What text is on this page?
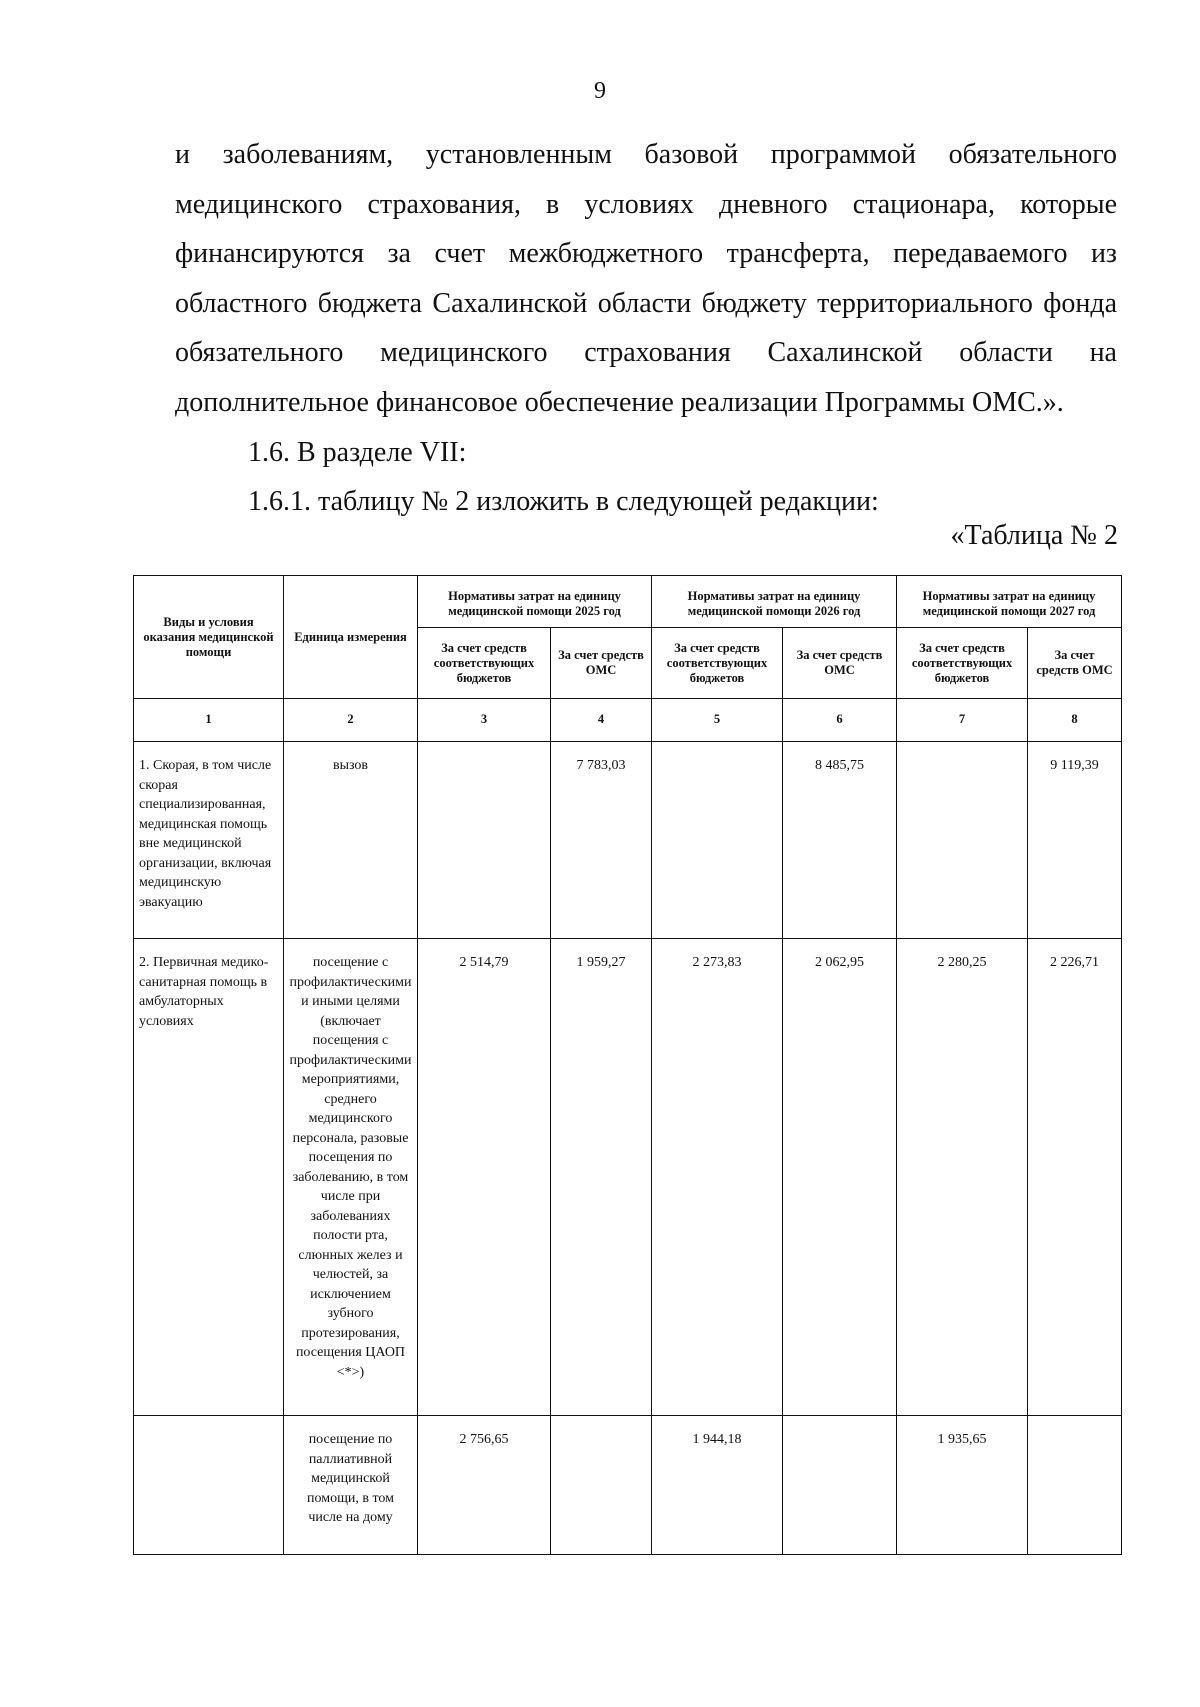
9

и заболеваниям, установленным базовой программой обязательного медицинского страхования, в условиях дневного стационара, которые финансируются за счет межбюджетного трансферта, передаваемого из областного бюджета Сахалинской области бюджету территориального фонда обязательного медицинского страхования Сахалинской области на дополнительное финансовое обеспечение реализации Программы ОМС.».

1.6. В разделе VII:

1.6.1. таблицу № 2 изложить в следующей редакции:

«Таблица № 2
Виды и условия оказания медицинской помощи	Единица измерения	Нормативы затрат на единицу медицинской помощи 2025 год		Нормативы затрат на единицу медицинской помощи 2026 год		Нормативы затрат на единицу медицинской помощи 2027 год	
		За счет средств соответствующих бюджетов	За счет средств ОМС	За счет средств соответствующих бюджетов	За счет средств ОМС	За счет средств соответствующих бюджетов	За счет средств ОМС
1	2	3	4	5	6	7	8
1. Скорая, в том числе скорая специализированная, медицинская помощь вне медицинской организации, включая медицинскую эвакуацию	вызов		7 783,03		8 485,75		9 119,39
2. Первичная медико-санитарная помощь в амбулаторных условиях	посещение с профилактическими и иными целями (включает посещения с профилактическими мероприятиями, среднего медицинского персонала, разовые посещения по заболеванию, в том числе при заболеваниях полости рта, слюнных желез и челюстей, за исключением зубного протезирования, посещения ЦАОП <*>)	2 514,79	1 959,27	2 273,83	2 062,95	2 280,25	2 226,71
	посещение по паллиативной медицинской помощи, в том числе на дому	2 756,65		1 944,18		1 935,65	
